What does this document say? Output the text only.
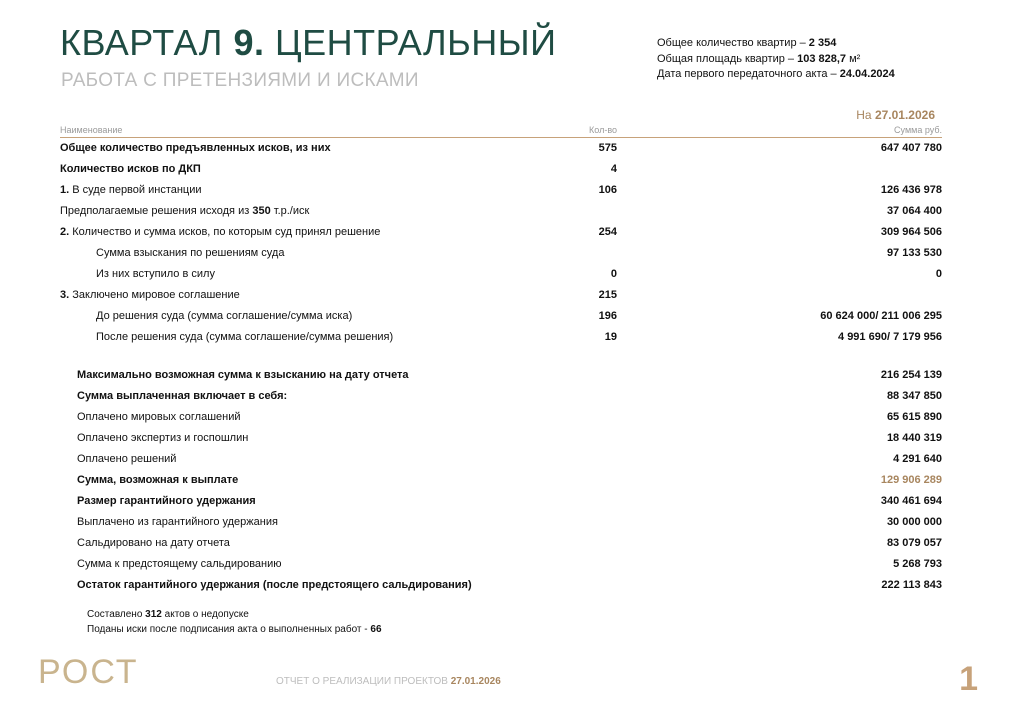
КВАРТАЛ 9. ЦЕНТРАЛЬНЫЙ
РАБОТА С ПРЕТЕНЗИЯМИ И ИСКАМИ
Общее количество квартир – 2 354
Общая площадь квартир – 103 828,7 м²
Дата первого передаточного акта – 24.04.2024
На 27.01.2026
Наименование	Кол-во	Сумма руб.
Общее количество предъявленных исков, из них	575	647 407 780
Количество исков по ДКП	4
1. В суде первой инстанции	106	126 436 978
Предполагаемые решения исходя из 350 т.р./иск	37 064 400
2. Количество и сумма исков, по которым суд принял решение	254	309 964 506
Сумма взыскания по решениям суда	97 133 530
Из них вступило в силу	0	0
3. Заключено мировое соглашение	215
До решения суда (сумма соглашение/сумма иска)	196	60 624 000/ 211 006 295
После решения суда (сумма соглашение/сумма решения)	19	4 991 690/ 7 179 956
Максимально возможная сумма к взысканию на дату отчета	216 254 139
Сумма выплаченная включает в себя:	88 347 850
Оплачено мировых соглашений	65 615 890
Оплачено экспертиз и госпошлин	18 440 319
Оплачено решений	4 291 640
Сумма, возможная к выплате	129 906 289
Размер гарантийного удержания	340 461 694
Выплачено из гарантийного удержания	30 000 000
Сальдировано на дату отчета	83 079 057
Сумма к предстоящему сальдированию	5 268 793
Остаток гарантийного удержания (после предстоящего сальдирования)	222 113 843
Составлено 312 актов о недопуске
Поданы иски после подписания акта о выполненных работ - 66
РОСТ	ОТЧЕТ О РЕАЛИЗАЦИИ ПРОЕКТОВ 27.01.2026	1
